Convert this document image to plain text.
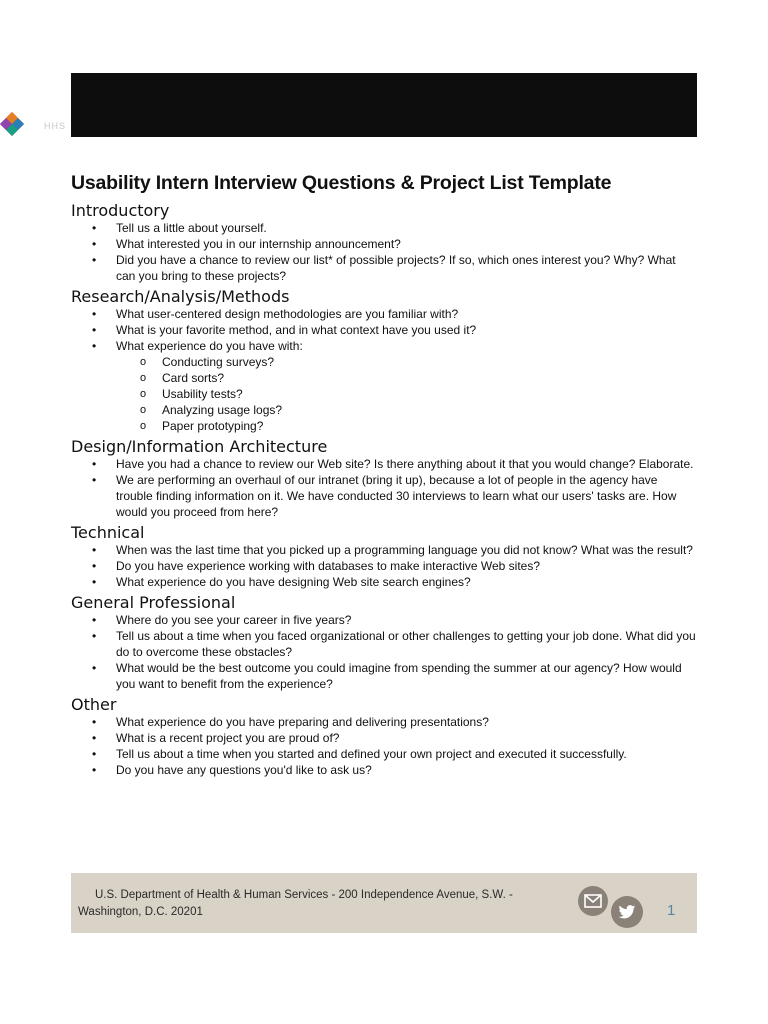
HHS
Usability Intern Interview Questions & Project List Template
Introductory
• Tell us a little about yourself.
• What interested you in our internship announcement?
• Did you have a chance to review our list* of possible projects? If so, which ones interest you? Why? What can you bring to these projects?
Research/Analysis/Methods
• What user-centered design methodologies are you familiar with?
• What is your favorite method, and in what context have you used it?
• What experience do you have with:
o Conducting surveys?
o Card sorts?
o Usability tests?
o Analyzing usage logs?
o Paper prototyping?
Design/Information Architecture
• Have you had a chance to review our Web site? Is there anything about it that you would change? Elaborate.
• We are performing an overhaul of our intranet (bring it up), because a lot of people in the agency have trouble finding information on it. We have conducted 30 interviews to learn what our users' tasks are. How would you proceed from here?
Technical
• When was the last time that you picked up a programming language you did not know? What was the result?
• Do you have experience working with databases to make interactive Web sites?
• What experience do you have designing Web site search engines?
General Professional
• Where do you see your career in five years?
• Tell us about a time when you faced organizational or other challenges to getting your job done. What did you do to overcome these obstacles?
• What would be the best outcome you could imagine from spending the summer at our agency? How would you want to benefit from the experience?
Other
• What experience do you have preparing and delivering presentations?
• What is a recent project you are proud of?
• Tell us about a time when you started and defined your own project and executed it successfully.
• Do you have any questions you'd like to ask us?
U.S. Department of Health & Human Services - 200 Independence Avenue, S.W. - Washington, D.C. 20201	1
